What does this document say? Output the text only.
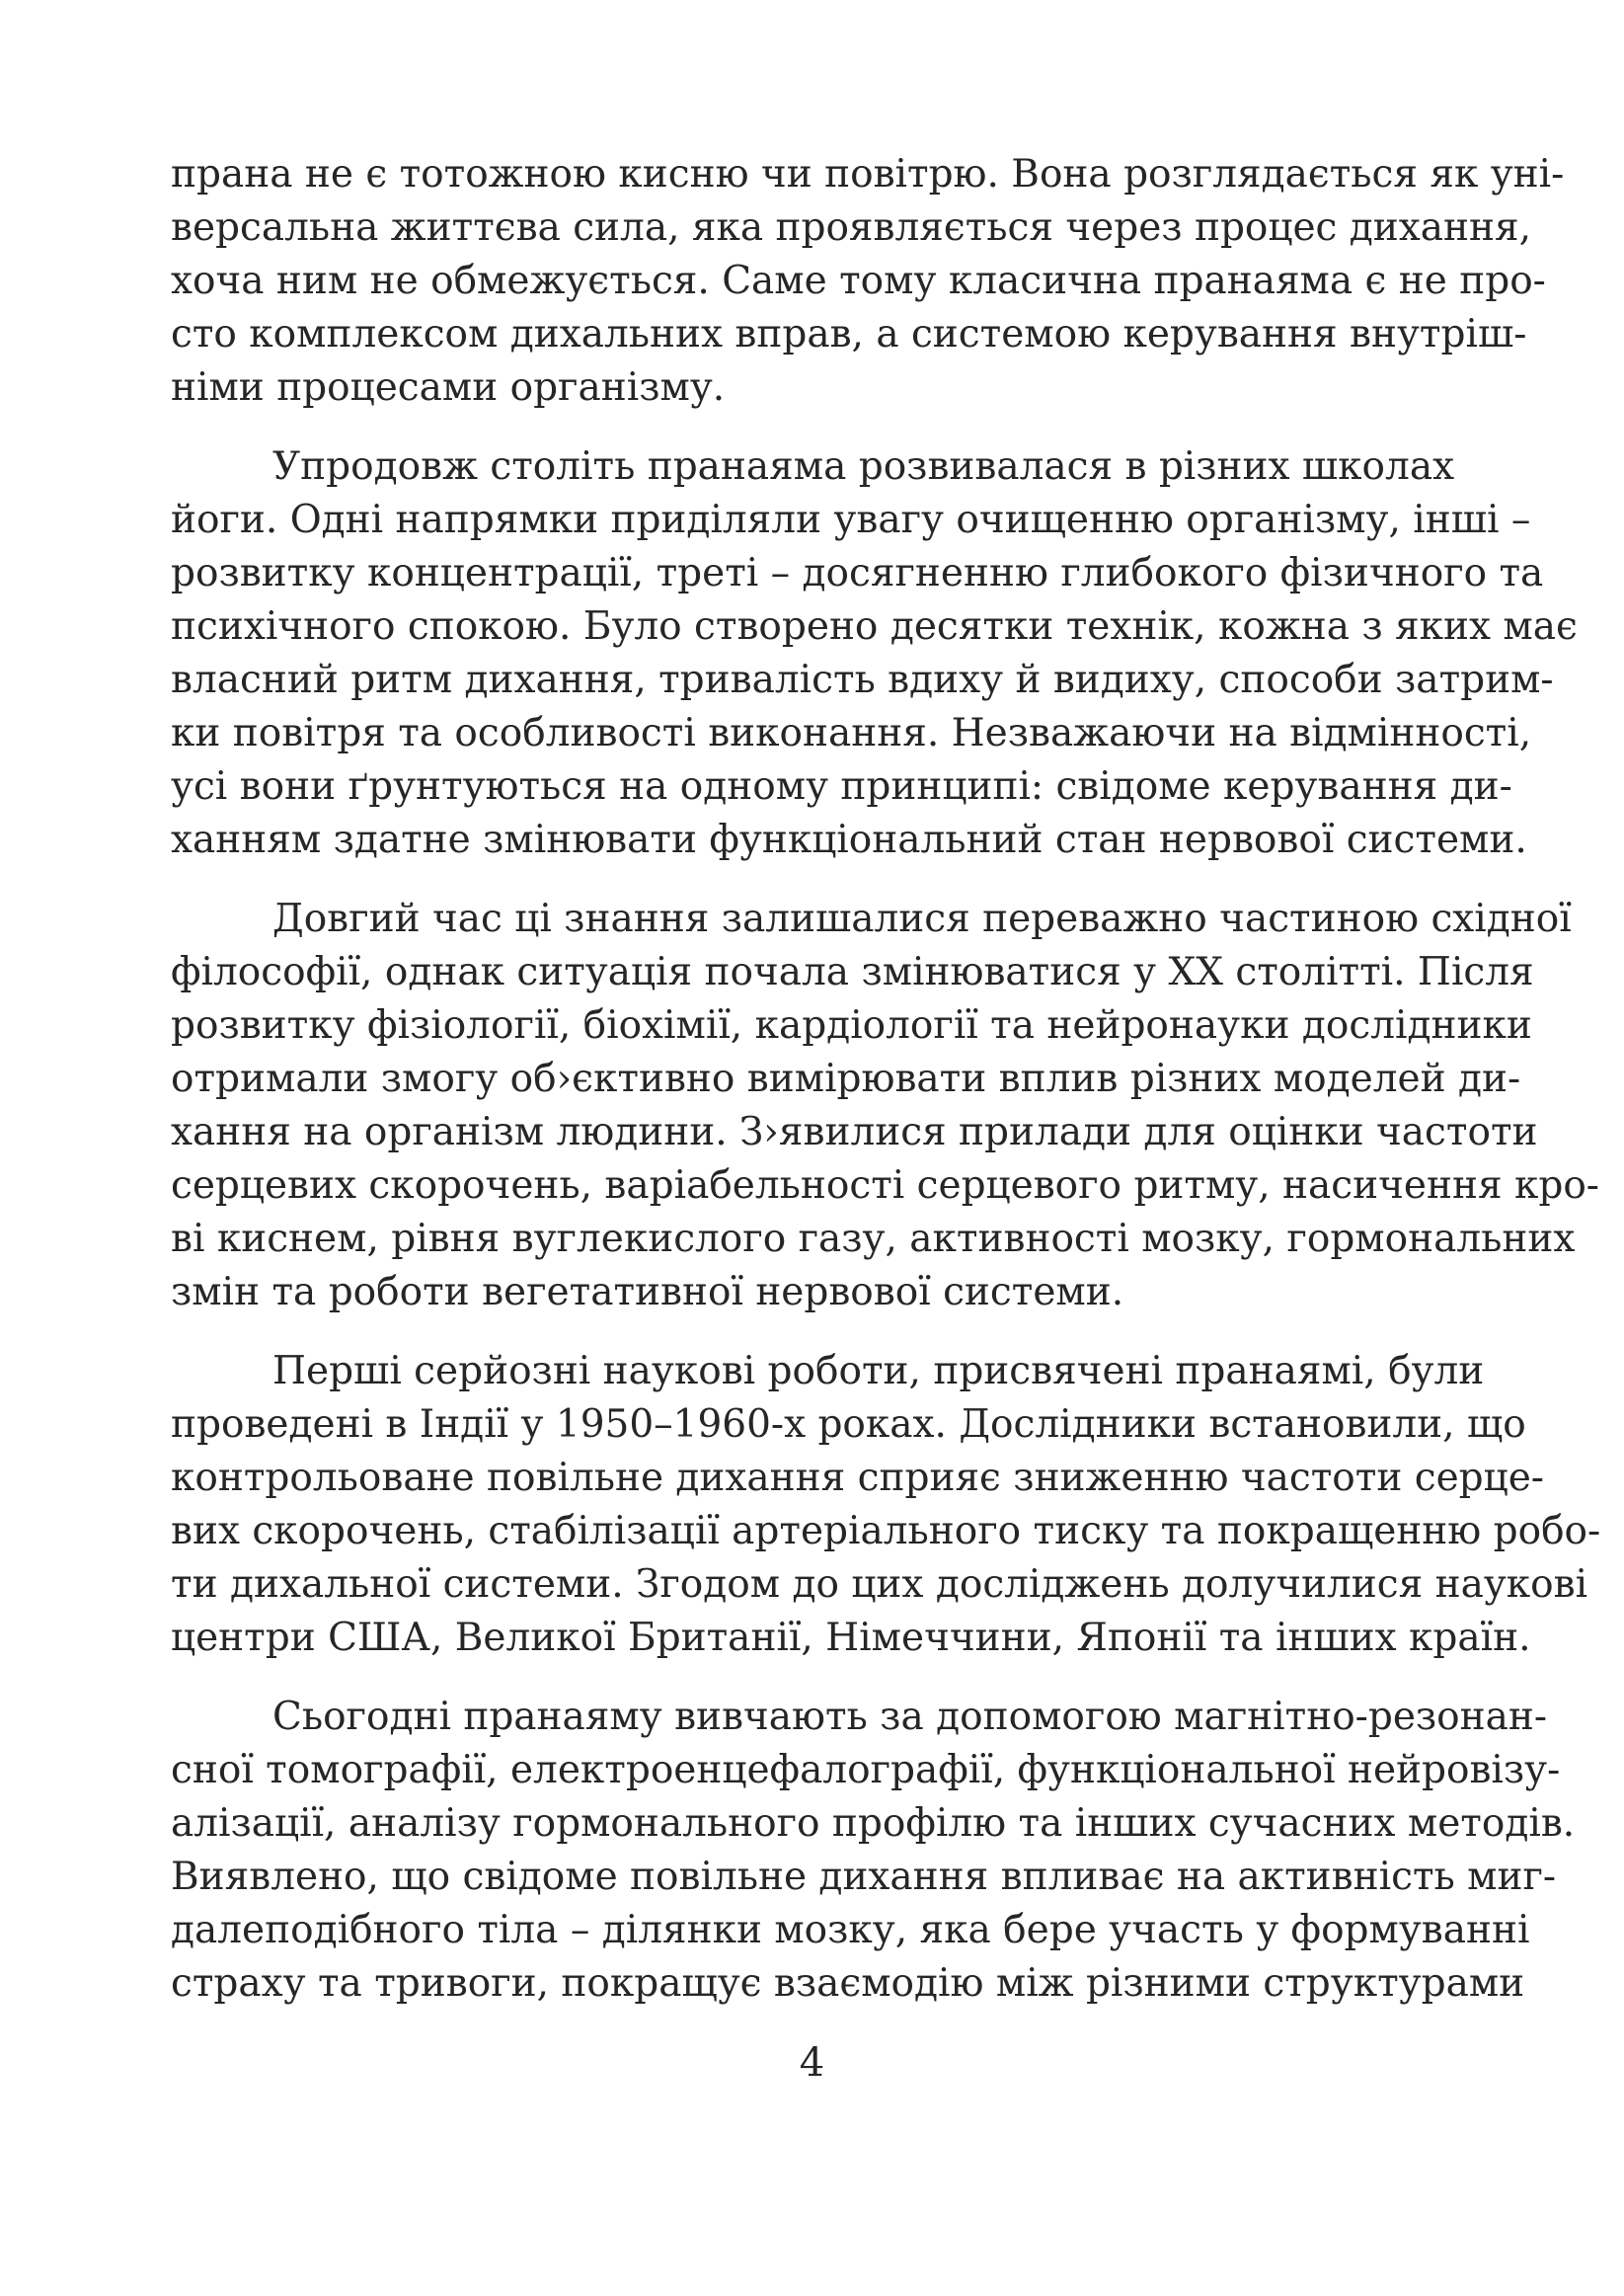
прана не є тотожною кисню чи повітрю. Вона розглядається як уні-
версальна життєва сила, яка проявляється через процес дихання,
хоча ним не обмежується. Саме тому класична пранаяма є не про-
сто комплексом дихальних вправ, а системою керування внутріш-
німи процесами організму.
Упродовж століть пранаяма розвивалася в різних школах
йоги. Одні напрямки приділяли увагу очищенню організму, інші –
розвитку концентрації, треті – досягненню глибокого фізичного та
психічного спокою. Було створено десятки технік, кожна з яких має
власний ритм дихання, тривалість вдиху й видиху, способи затрим-
ки повітря та особливості виконання. Незважаючи на відмінності,
усі вони ґрунтуються на одному принципі: свідоме керування ди-
ханням здатне змінювати функціональний стан нервової системи.
Довгий час ці знання залишалися переважно частиною східної
філософії, однак ситуація почала змінюватися у ХХ столітті. Після
розвитку фізіології, біохімії, кардіології та нейронауки дослідники
отримали змогу об›єктивно вимірювати вплив різних моделей ди-
хання на організм людини. З›явилися прилади для оцінки частоти
серцевих скорочень, варіабельності серцевого ритму, насичення кро-
ві киснем, рівня вуглекислого газу, активності мозку, гормональних
змін та роботи вегетативної нервової системи.
Перші серйозні наукові роботи, присвячені пранаямі, були
проведені в Індії у 1950–1960-х роках. Дослідники встановили, що
контрольоване повільне дихання сприяє зниженню частоти серце-
вих скорочень, стабілізації артеріального тиску та покращенню робо-
ти дихальної системи. Згодом до цих досліджень долучилися наукові
центри США, Великої Британії, Німеччини, Японії та інших країн.
Сьогодні пранаяму вивчають за допомогою магнітно-резонан-
сної томографії, електроенцефалографії, функціональної нейровізу-
алізації, аналізу гормонального профілю та інших сучасних методів.
Виявлено, що свідоме повільне дихання впливає на активність миг-
далеподібного тіла – ділянки мозку, яка бере участь у формуванні
страху та тривоги, покращує взаємодію між різними структурами
4
